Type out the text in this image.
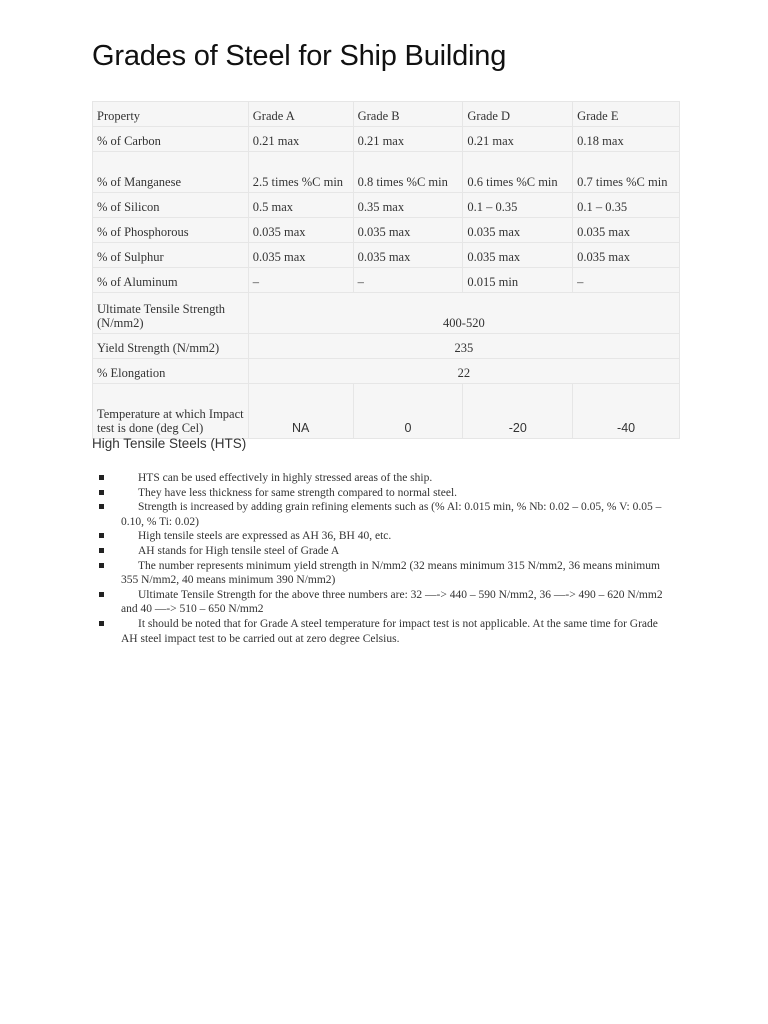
Grades of Steel for Ship Building
Property	Grade A	Grade B	Grade D	Grade E
% of Carbon	0.21 max	0.21 max	0.21 max	0.18 max
% of Manganese	2.5 times %C min	0.8 times %C min	0.6 times %C min	0.7 times %C min
% of Silicon	0.5 max	0.35 max	0.1 – 0.35	0.1 – 0.35
% of Phosphorous	0.035 max	0.035 max	0.035 max	0.035 max
% of Sulphur	0.035 max	0.035 max	0.035 max	0.035 max
% of Aluminum	–	–	0.015 min	–
Ultimate Tensile Strength (N/mm2)	400-520			
Yield Strength (N/mm2)	235			
% Elongation	22			
Temperature at which Impact test is done (deg Cel)	NA	0	-20	-40
High Tensile Steels (HTS)
HTS can be used effectively in highly stressed areas of the ship.
They have less thickness for same strength compared to normal steel.
Strength is increased by adding grain refining elements such as (% Al: 0.015 min, % Nb: 0.02 – 0.05, % V: 0.05 – 0.10, % Ti: 0.02)
High tensile steels are expressed as AH 36, BH 40, etc.
AH stands for High tensile steel of Grade A
The number represents minimum yield strength in N/mm2 (32 means minimum 315 N/mm2, 36 means minimum 355 N/mm2, 40 means minimum 390 N/mm2)
Ultimate Tensile Strength for the above three numbers are: 32 —-> 440 – 590 N/mm2, 36 —-> 490 – 620 N/mm2 and 40 —-> 510 – 650 N/mm2
It should be noted that for Grade A steel temperature for impact test is not applicable. At the same time for Grade AH steel impact test to be carried out at zero degree Celsius.
